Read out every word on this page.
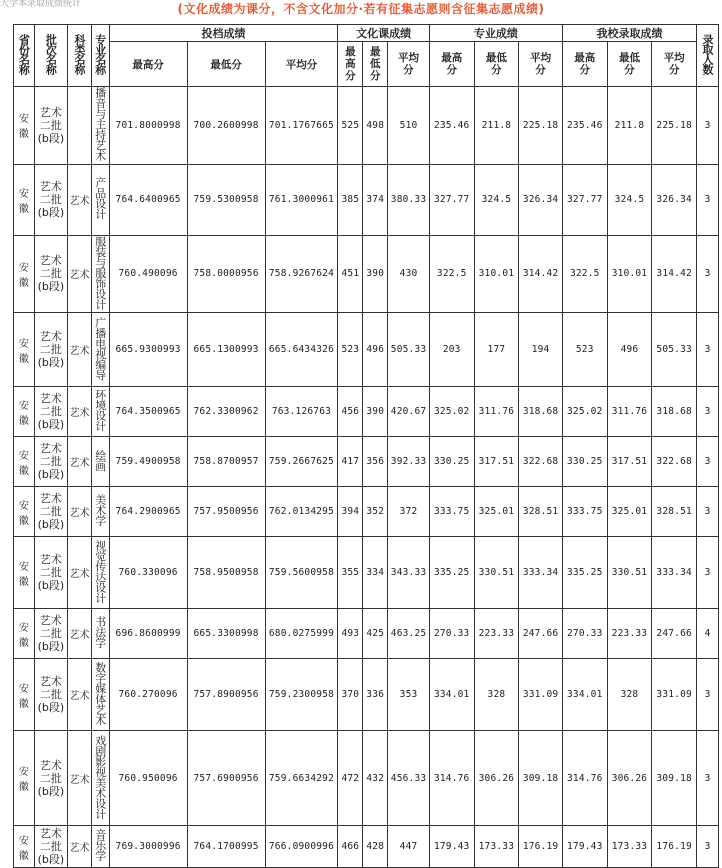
大学本录取成绩统计	(文化成绩为课分，不含文化加分·若有征集志愿则含征集志愿成绩)
省份名称	批次名称	科类名称	专业名称	投档成绩			文化课成绩			专业成绩			我校录取成绩			录取人数
				最高分	最低分	平均分	最高分	最低分	平均分	最高分	最低分	平均分	最高分	最低分	平均分	

安徽	艺术二批(b段)		播音与主持艺术	701.8000998	700.2600998	701.1767665	525	498	510	235.46	211.8	225.18	235.46	211.8	225.18	3
安徽	艺术二批(b段)	艺术	产品设计	764.6400965	759.5300958	761.3000961	385	374	380.33	327.77	324.5	326.34	327.77	324.5	326.34	3
安徽	艺术二批(b段)	艺术	服装与服饰设计	760.490096	758.0000956	758.9267624	451	390	430	322.5	310.01	314.42	322.5	310.01	314.42	3
安徽	艺术二批(b段)	艺术	广播电视编导	665.9300993	665.1300993	665.6434326	523	496	505.33	203	177	194	523	496	505.33	3
安徽	艺术二批(b段)	艺术	环境设计	764.3500965	762.3300962	763.126763	456	390	420.67	325.02	311.76	318.68	325.02	311.76	318.68	3
安徽	艺术二批(b段)	艺术	绘画	759.4900958	758.8700957	759.2667625	417	356	392.33	330.25	317.51	322.68	330.25	317.51	322.68	3
安徽	艺术二批(b段)	艺术	美术学	764.2900965	757.9500956	762.0134295	394	352	372	333.75	325.01	328.51	333.75	325.01	328.51	3
安徽	艺术二批(b段)	艺术	视觉传达设计	760.330096	758.9500958	759.5600958	355	334	343.33	335.25	330.51	333.34	335.25	330.51	333.34	3
安徽	艺术二批(b段)	艺术	书法学	696.8600999	665.3300998	680.0275999	493	425	463.25	270.33	223.33	247.66	270.33	223.33	247.66	4
安徽	艺术二批(b段)	艺术	数字媒体艺术	760.270096	757.8900956	759.2300958	370	336	353	334.01	328	331.09	334.01	328	331.09	3
安徽	艺术二批(b段)	艺术	戏剧影视美术设计	760.950096	757.6900956	759.6634292	472	432	456.33	314.76	306.26	309.18	314.76	306.26	309.18	3
安徽	艺术二批(b段)	艺术	音乐学	769.3000996	764.1700995	766.0900996	466	428	447	179.43	173.33	176.19	179.43	173.33	176.19	3
